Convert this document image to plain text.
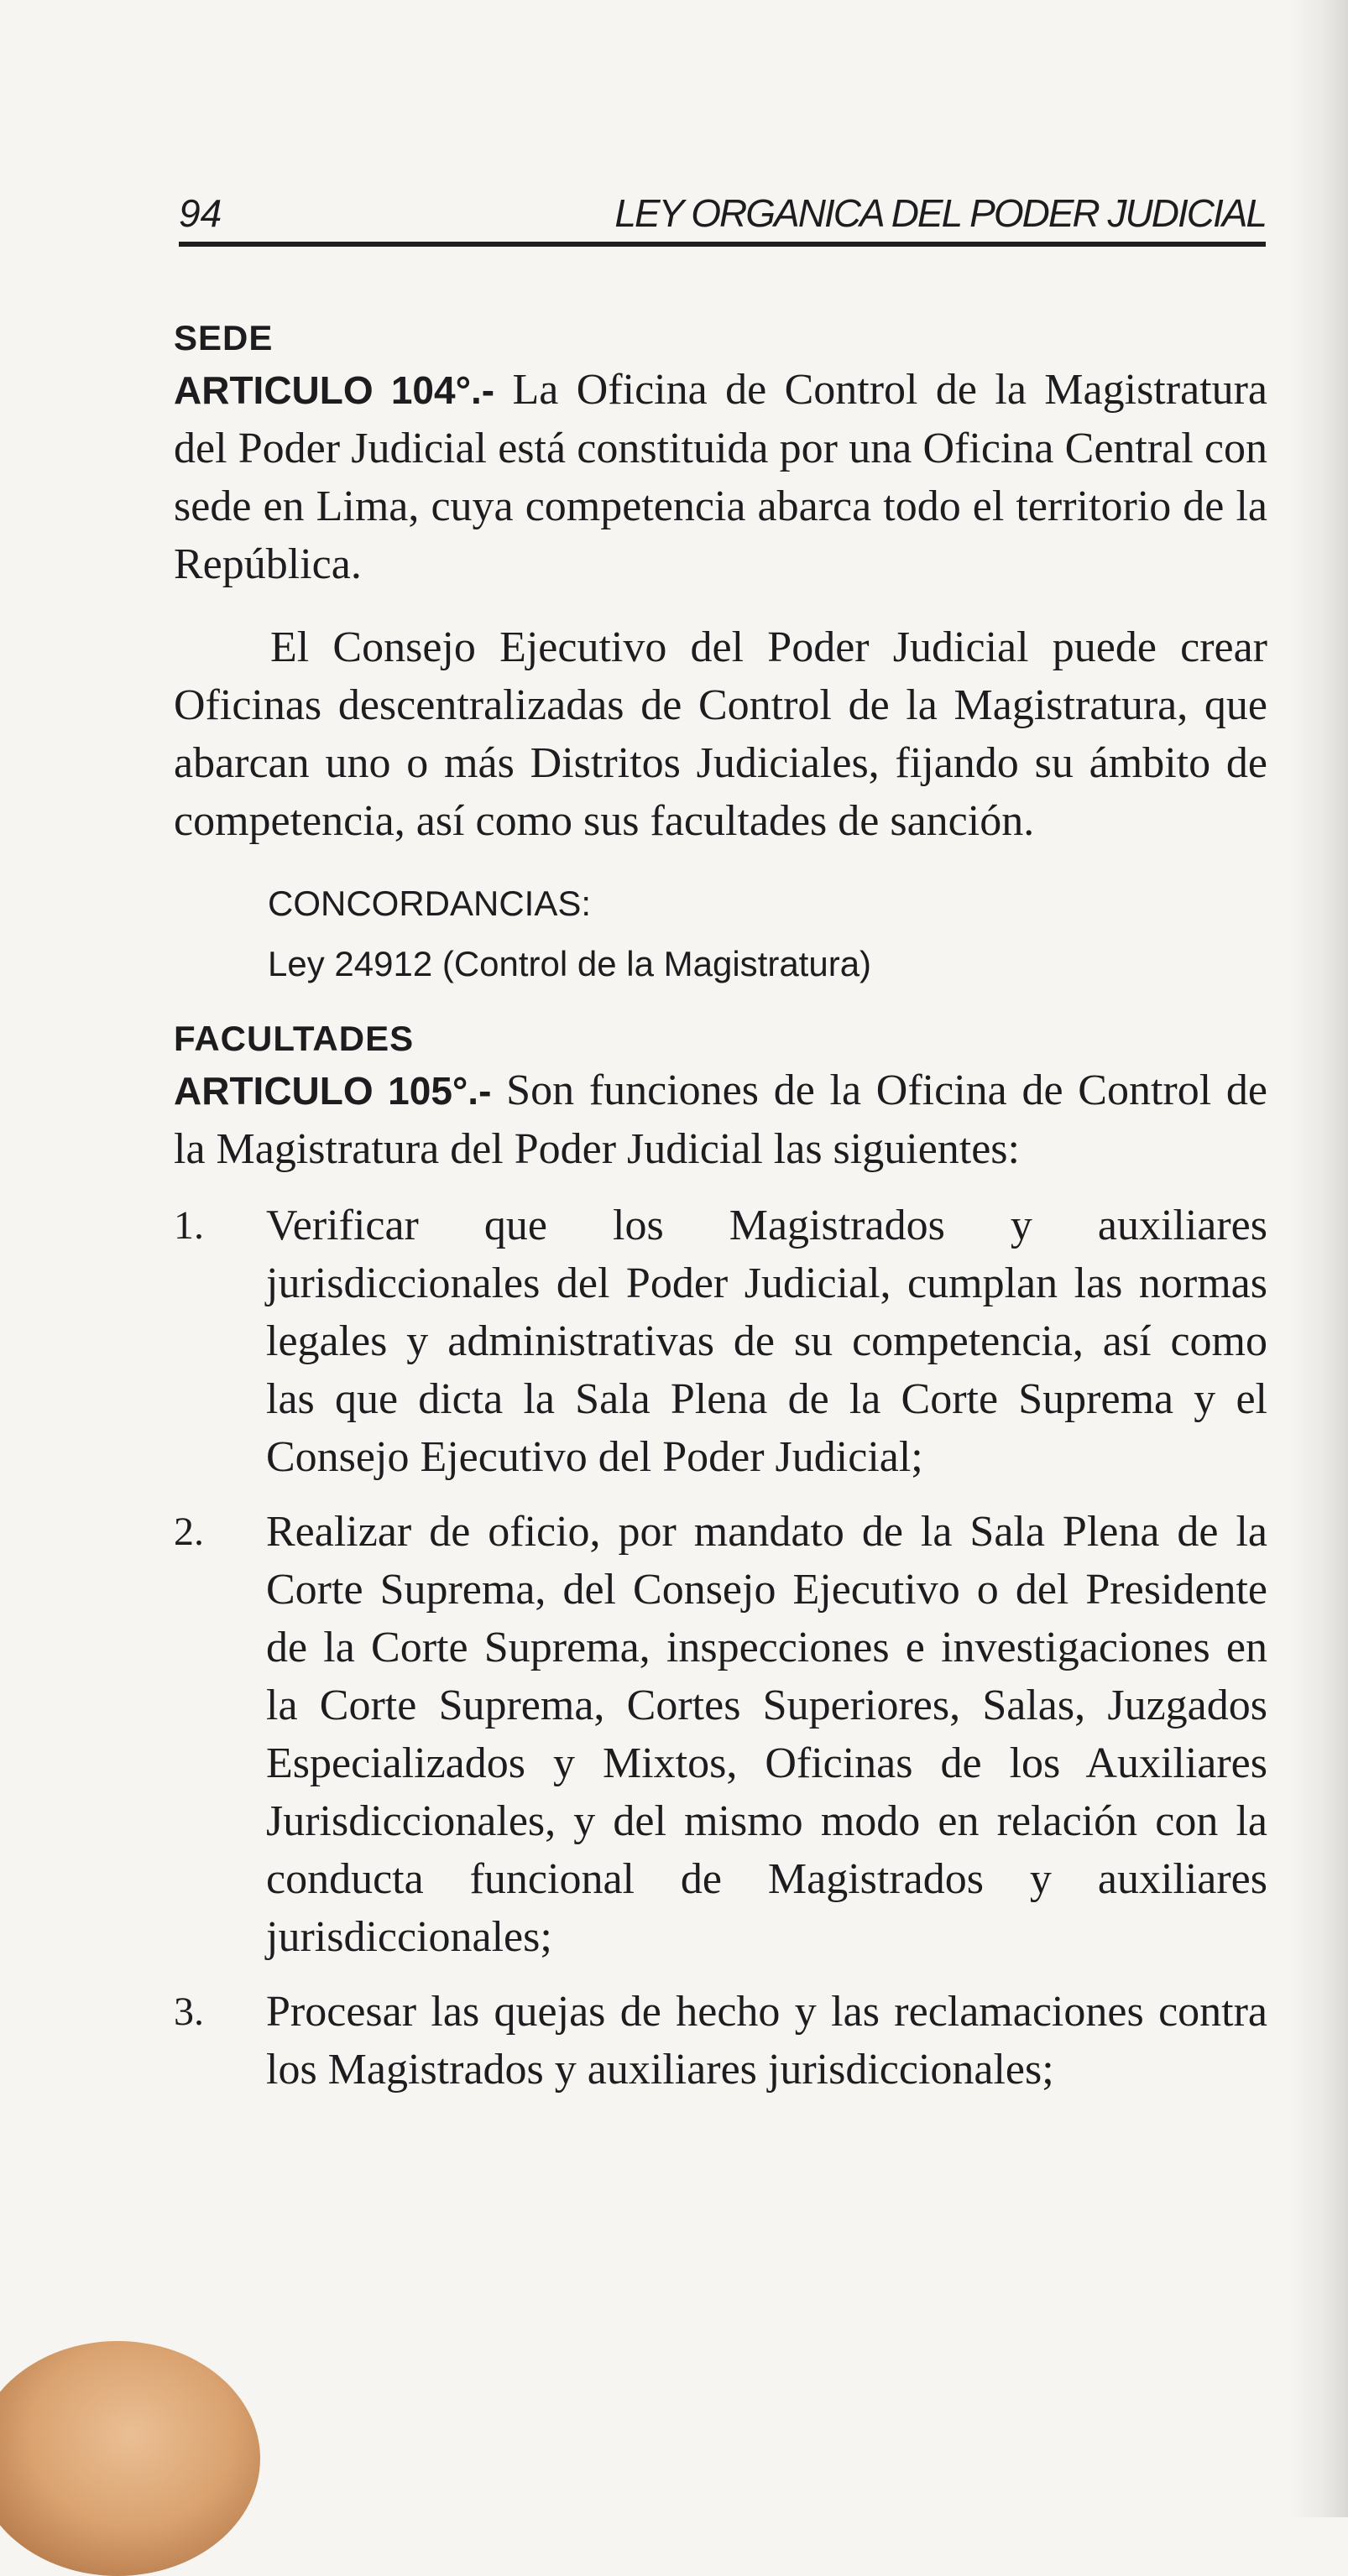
94	LEY ORGANICA DEL PODER JUDICIAL
SEDE

ARTICULO 104°.- La Oficina de Control de la Magistratura del Poder Judicial está constituida por una Oficina Central con sede en Lima, cuya competencia abarca todo el territorio de la República.

El Consejo Ejecutivo del Poder Judicial puede crear Oficinas descentralizadas de Control de la Magistratura, que abarcan uno o más Distritos Judiciales, fijando su ámbito de competencia, así como sus facultades de sanción.

CONCORDANCIAS:
Ley 24912 (Control de la Magistratura)
FACULTADES

ARTICULO 105°.- Son funciones de la Oficina de Control de la Magistratura del Poder Judicial las siguientes:

1. Verificar que los Magistrados y auxiliares jurisdiccionales del Poder Judicial, cumplan las normas legales y administrativas de su competencia, así como las que dicta la Sala Plena de la Corte Suprema y el Consejo Ejecutivo del Poder Judicial;
2. Realizar de oficio, por mandato de la Sala Plena de la Corte Suprema, del Consejo Ejecutivo o del Presidente de la Corte Suprema, inspecciones e investigaciones en la Corte Suprema, Cortes Superiores, Salas, Juzgados Especializados y Mixtos, Oficinas de los Auxiliares Jurisdiccionales, y del mismo modo en relación con la conducta funcional de Magistrados y auxiliares jurisdiccionales;
3. Procesar las quejas de hecho y las reclamaciones contra los Magistrados y auxiliares jurisdiccionales;
